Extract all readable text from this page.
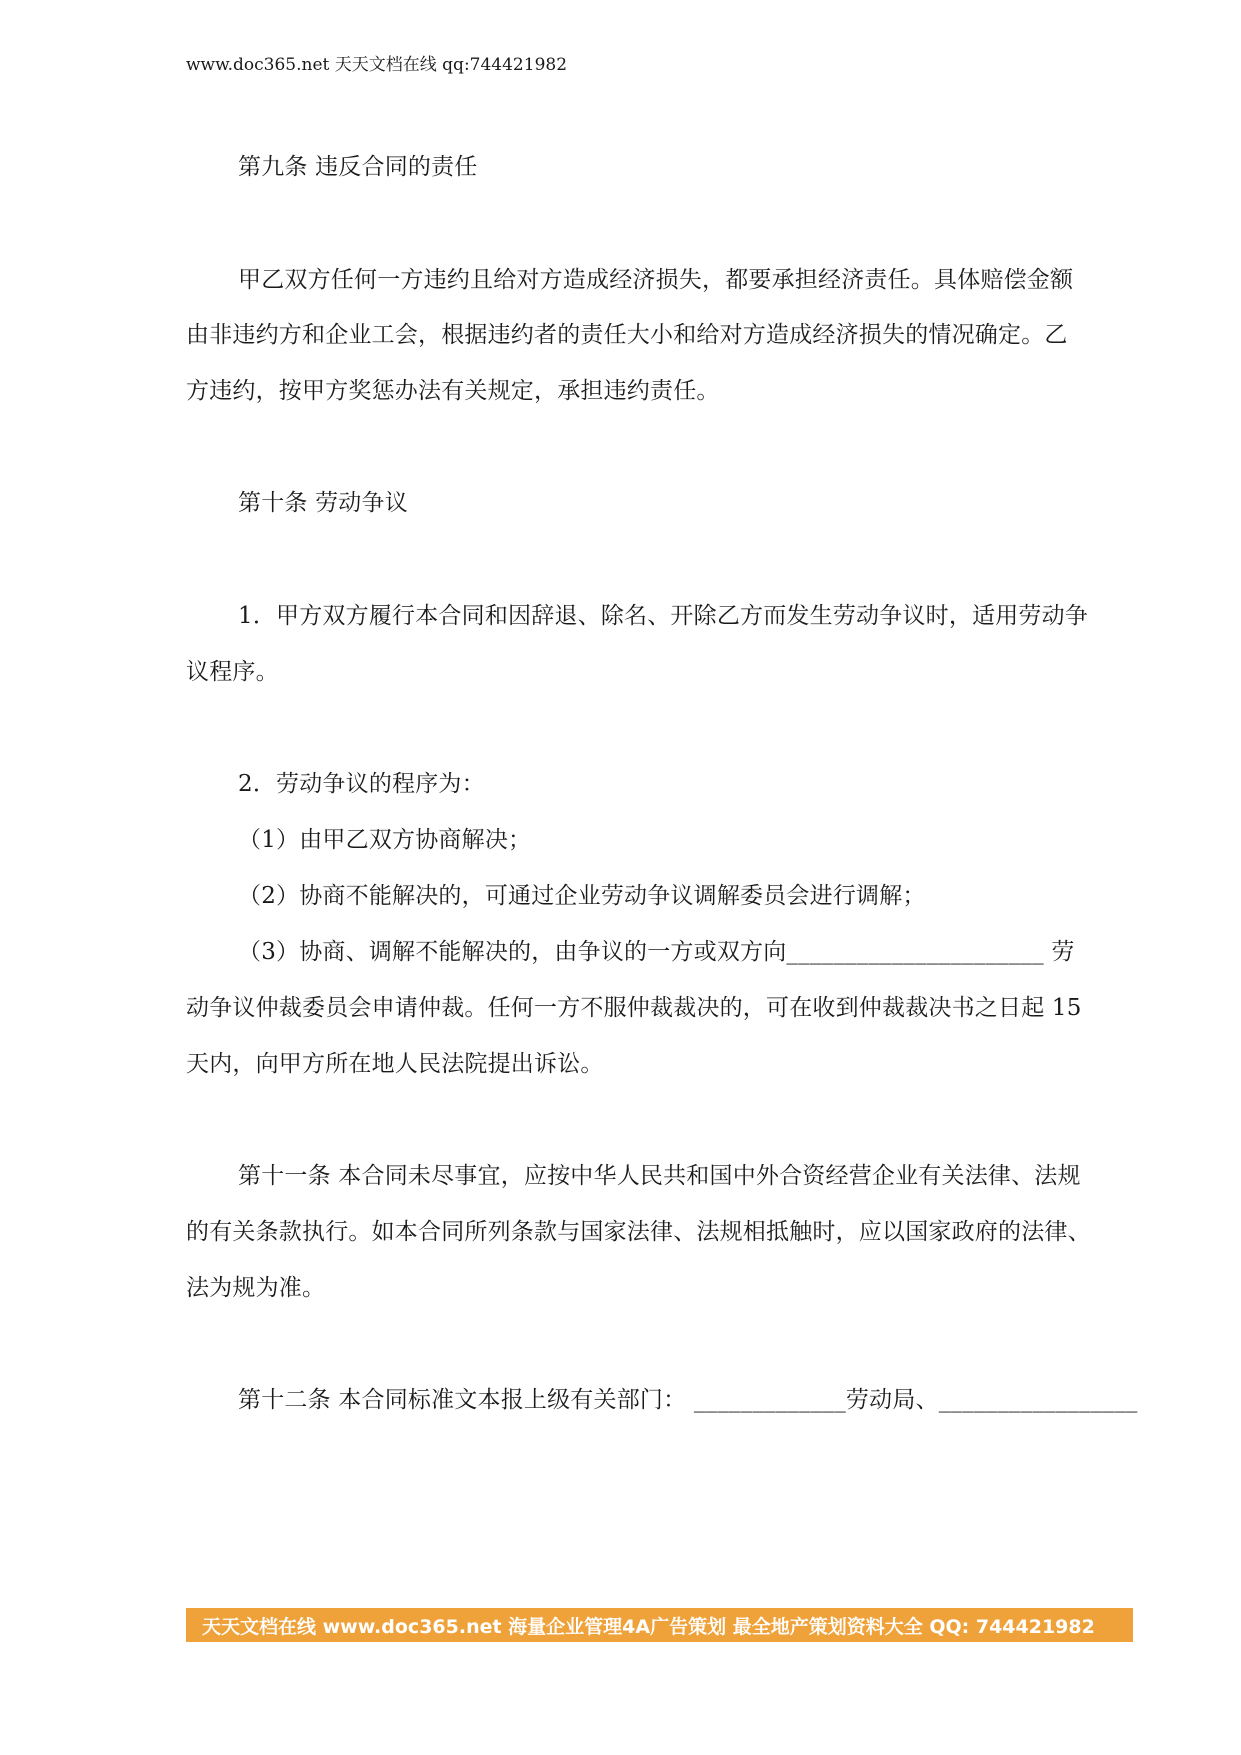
www.doc365.net 天天文档在线 qq:744421982
第九条 违反合同的责任
甲乙双方任何一方违约且给对方造成经济损失，都要承担经济责任。具体赔偿金额
由非违约方和企业工会，根据违约者的责任大小和给对方造成经济损失的情况确定。乙
方违约，按甲方奖惩办法有关规定，承担违约责任。
第十条 劳动争议
1．甲方双方履行本合同和因辞退、除名、开除乙方而发生劳动争议时，适用劳动争
议程序。
2．劳动争议的程序为：
（1）由甲乙双方协商解决；
（2）协商不能解决的，可通过企业劳动争议调解委员会进行调解；
（3）协商、调解不能解决的，由争议的一方或双方向______________________ 劳
动争议仲裁委员会申请仲裁。任何一方不服仲裁裁决的，可在收到仲裁裁决书之日起 15
天内，向甲方所在地人民法院提出诉讼。
第十一条 本合同未尽事宜，应按中华人民共和国中外合资经营企业有关法律、法规
的有关条款执行。如本合同所列条款与国家法律、法规相抵触时，应以国家政府的法律、
法为规为准。
第十二条 本合同标准文本报上级有关部门： _____________劳动局、_________________
天天文档在线 www.doc365.net 海量企业管理4A广告策划 最全地产策划资料大全 QQ: 744421982
